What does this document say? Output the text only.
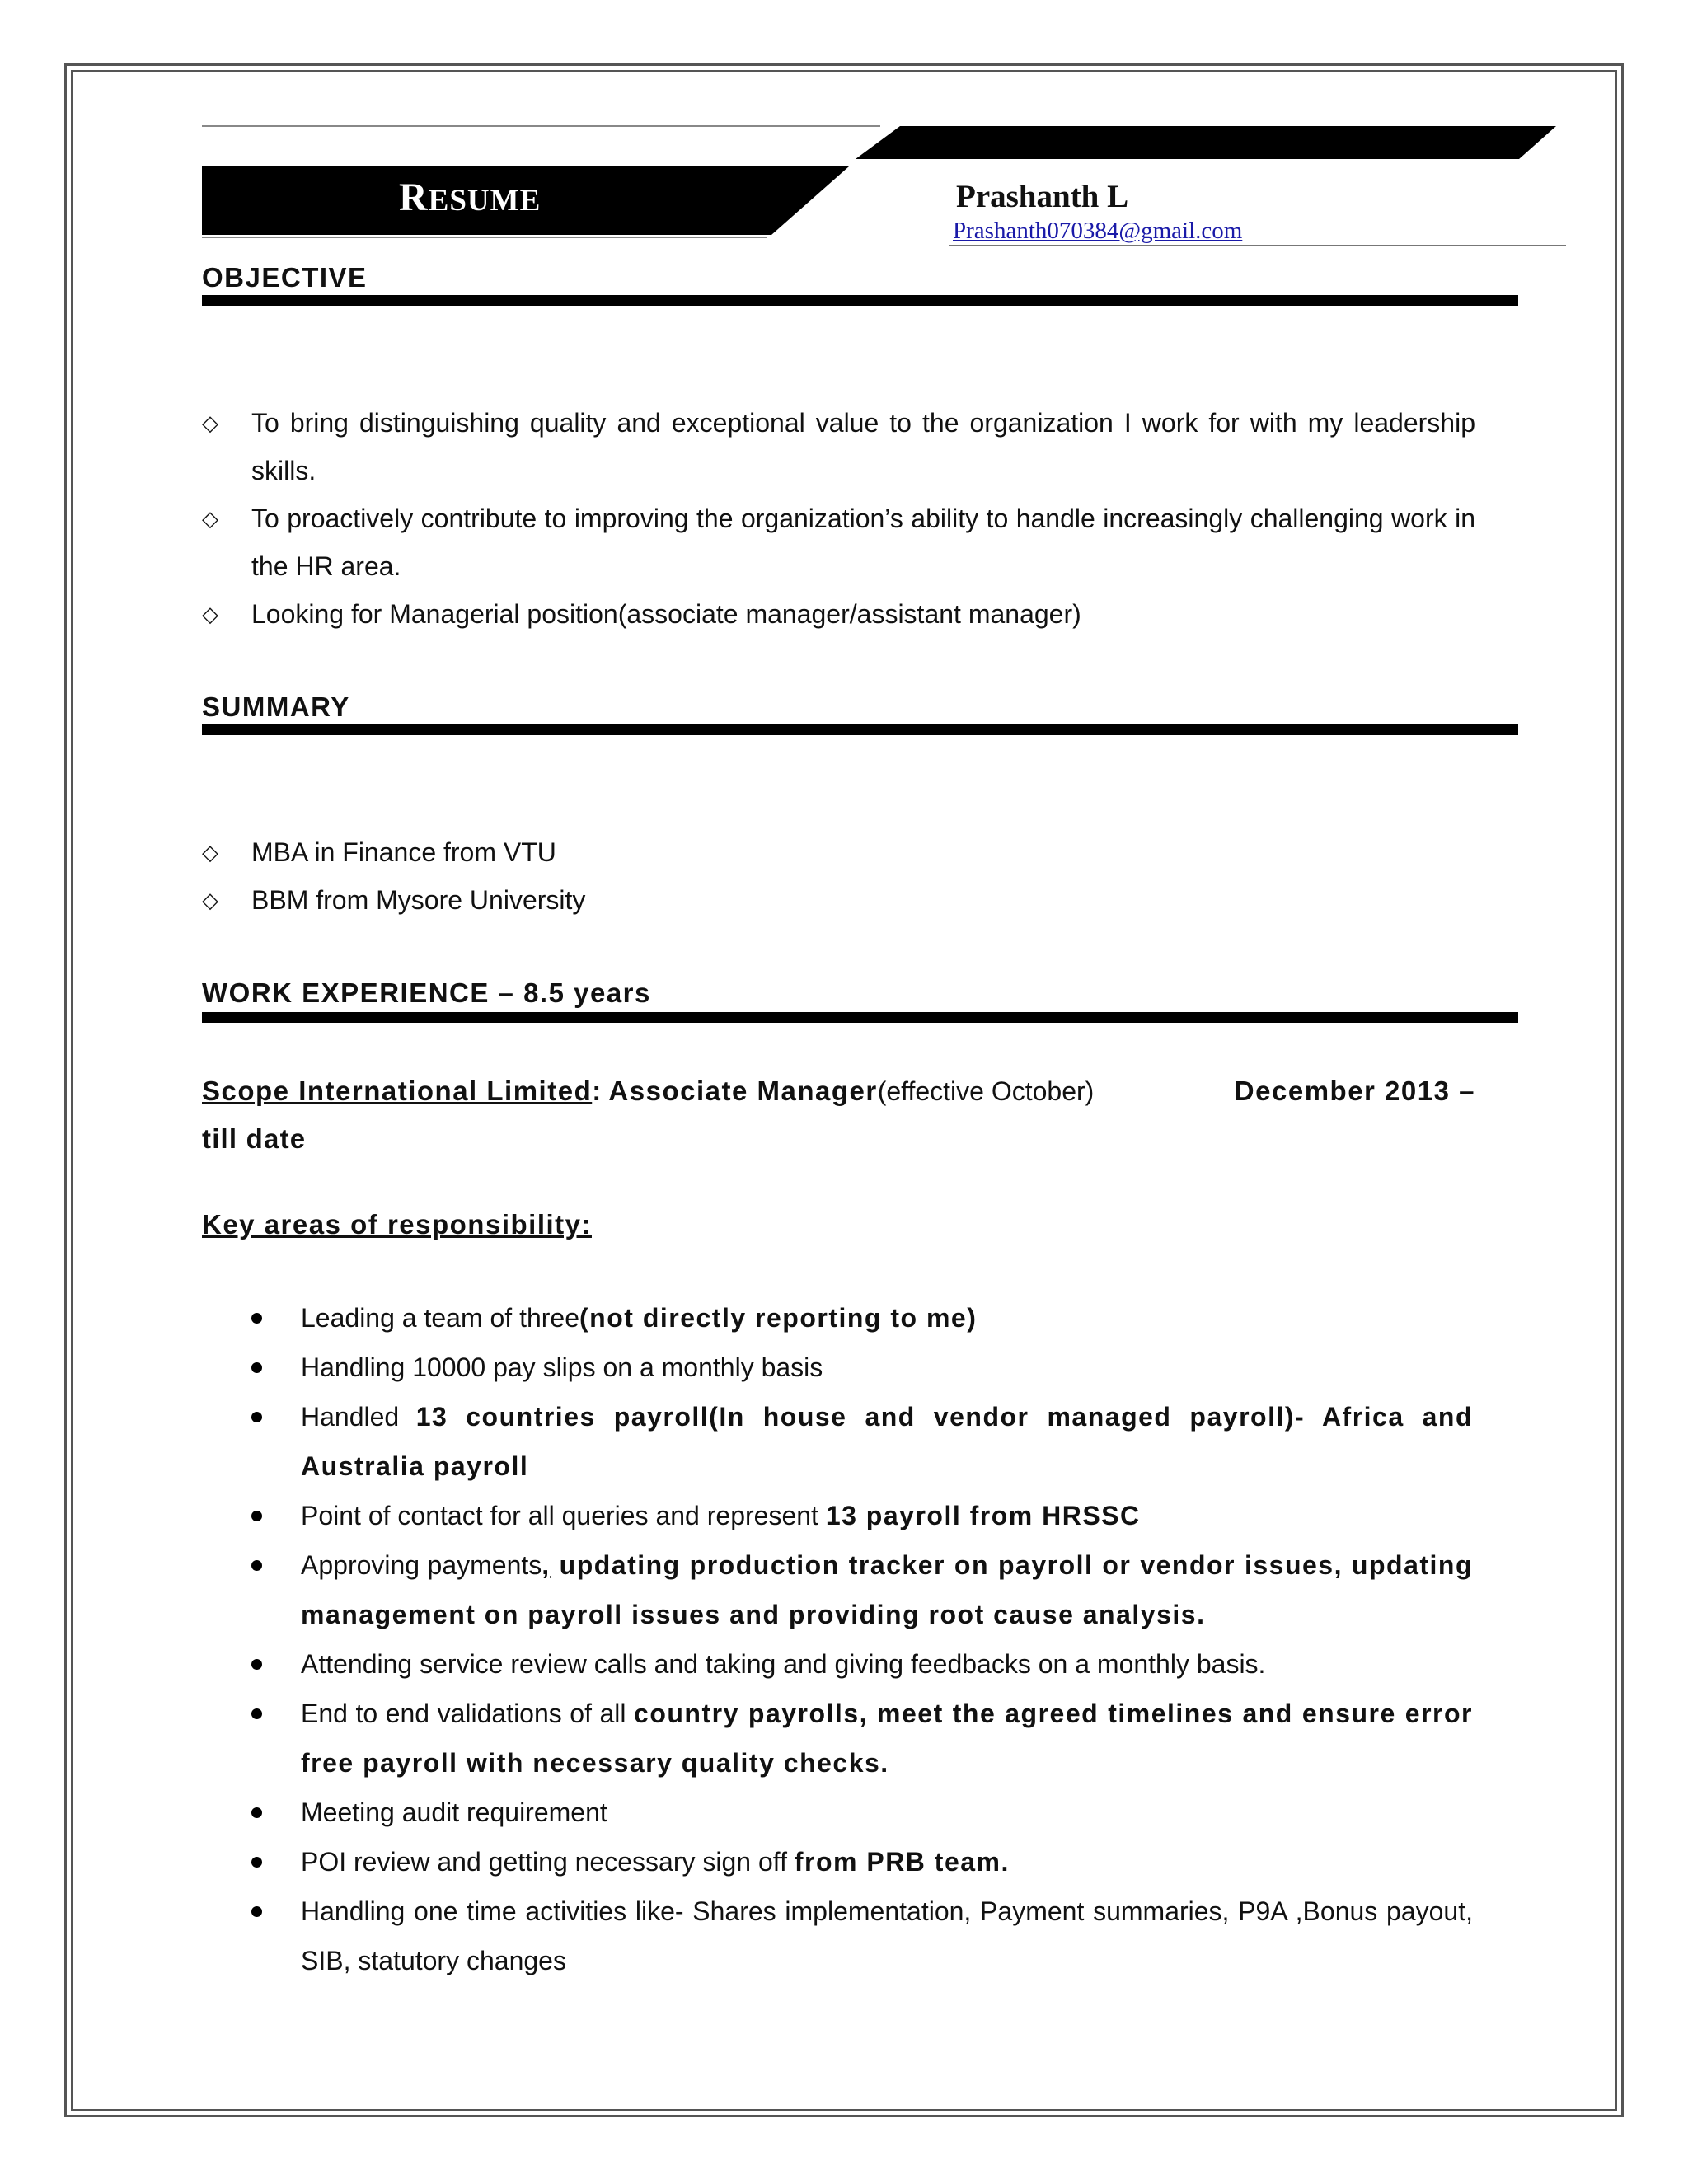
RESUME	Prashanth L
Prashanth070384@gmail.com
OBJECTIVE
◇ To bring distinguishing quality and exceptional value to the organization I work for with my leadership skills.
◇ To proactively contribute to improving the organization’s ability to handle increasingly challenging work in the HR area.
◇ Looking for Managerial position(associate manager/assistant manager)
SUMMARY
◇ MBA in Finance from VTU
◇ BBM from Mysore University
WORK EXPERIENCE – 8.5 years
Scope International Limited: Associate Manager(effective October)	December 2013 –
till date
Key areas of responsibility:
Leading a team of three(not directly reporting to me)
Handling 10000 pay slips on a monthly basis
Handled 13 countries payroll(In house and vendor managed payroll)- Africa and Australia payroll
Point of contact for all queries and represent 13 payroll from HRSSC
Approving payments, updating production tracker on payroll or vendor issues, updating management on payroll issues and providing root cause analysis.
Attending service review calls and taking and giving feedbacks on a monthly basis.
End to end validations of all country payrolls, meet the agreed timelines and ensure error free payroll with necessary quality checks.
Meeting audit requirement
POI review and getting necessary sign off from PRB team.
Handling one time activities like- Shares implementation, Payment summaries, P9A ,Bonus payout, SIB, statutory changes
